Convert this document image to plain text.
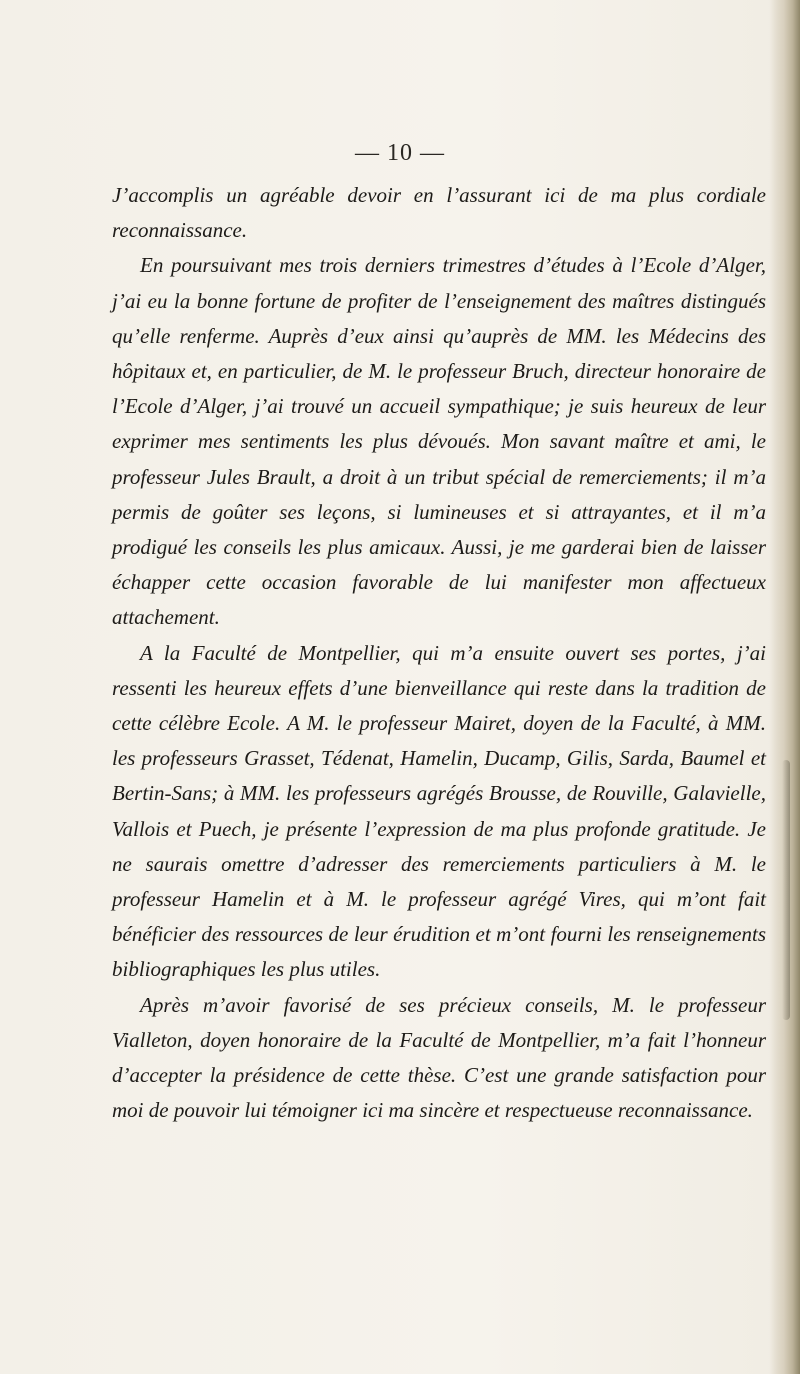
— 10 —

J’accomplis un agréable devoir en l’assurant ici de ma plus cordiale reconnaissance.

En poursuivant mes trois derniers trimestres d’études à l’Ecole d’Alger, j’ai eu la bonne fortune de profiter de l’enseignement des maîtres distingués qu’elle renferme. Auprès d’eux ainsi qu’auprès de MM. les Médecins des hôpitaux et, en particulier, de M. le professeur Bruch, directeur honoraire de l’Ecole d’Alger, j’ai trouvé un accueil sympathique; je suis heureux de leur exprimer mes sentiments les plus dévoués. Mon savant maître et ami, le professeur Jules Brault, a droit à un tribut spécial de remerciements; il m’a permis de goûter ses leçons, si lumineuses et si attrayantes, et il m’a prodigué les conseils les plus amicaux. Aussi, je me garderai bien de laisser échapper cette occasion favorable de lui manifester mon affectueux attachement.

A la Faculté de Montpellier, qui m’a ensuite ouvert ses portes, j’ai ressenti les heureux effets d’une bienveillance qui reste dans la tradition de cette célèbre Ecole. A M. le professeur Mairet, doyen de la Faculté, à MM. les professeurs Grasset, Tédenat, Hamelin, Ducamp, Gilis, Sarda, Baumel et Bertin-Sans; à MM. les professeurs agrégés Brousse, de Rouville, Galavielle, Vallois et Puech, je présente l’expression de ma plus profonde gratitude. Je ne saurais omettre d’adresser des remerciements particuliers à M. le professeur Hamelin et à M. le professeur agrégé Vires, qui m’ont fait bénéficier des ressources de leur érudition et m’ont fourni les renseignements bibliographiques les plus utiles.

Après m’avoir favorisé de ses précieux conseils, M. le professeur Vialleton, doyen honoraire de la Faculté de Montpellier, m’a fait l’honneur d’accepter la présidence de cette thèse. C’est une grande satisfaction pour moi de pouvoir lui témoigner ici ma sincère et respectueuse reconnaissance.
